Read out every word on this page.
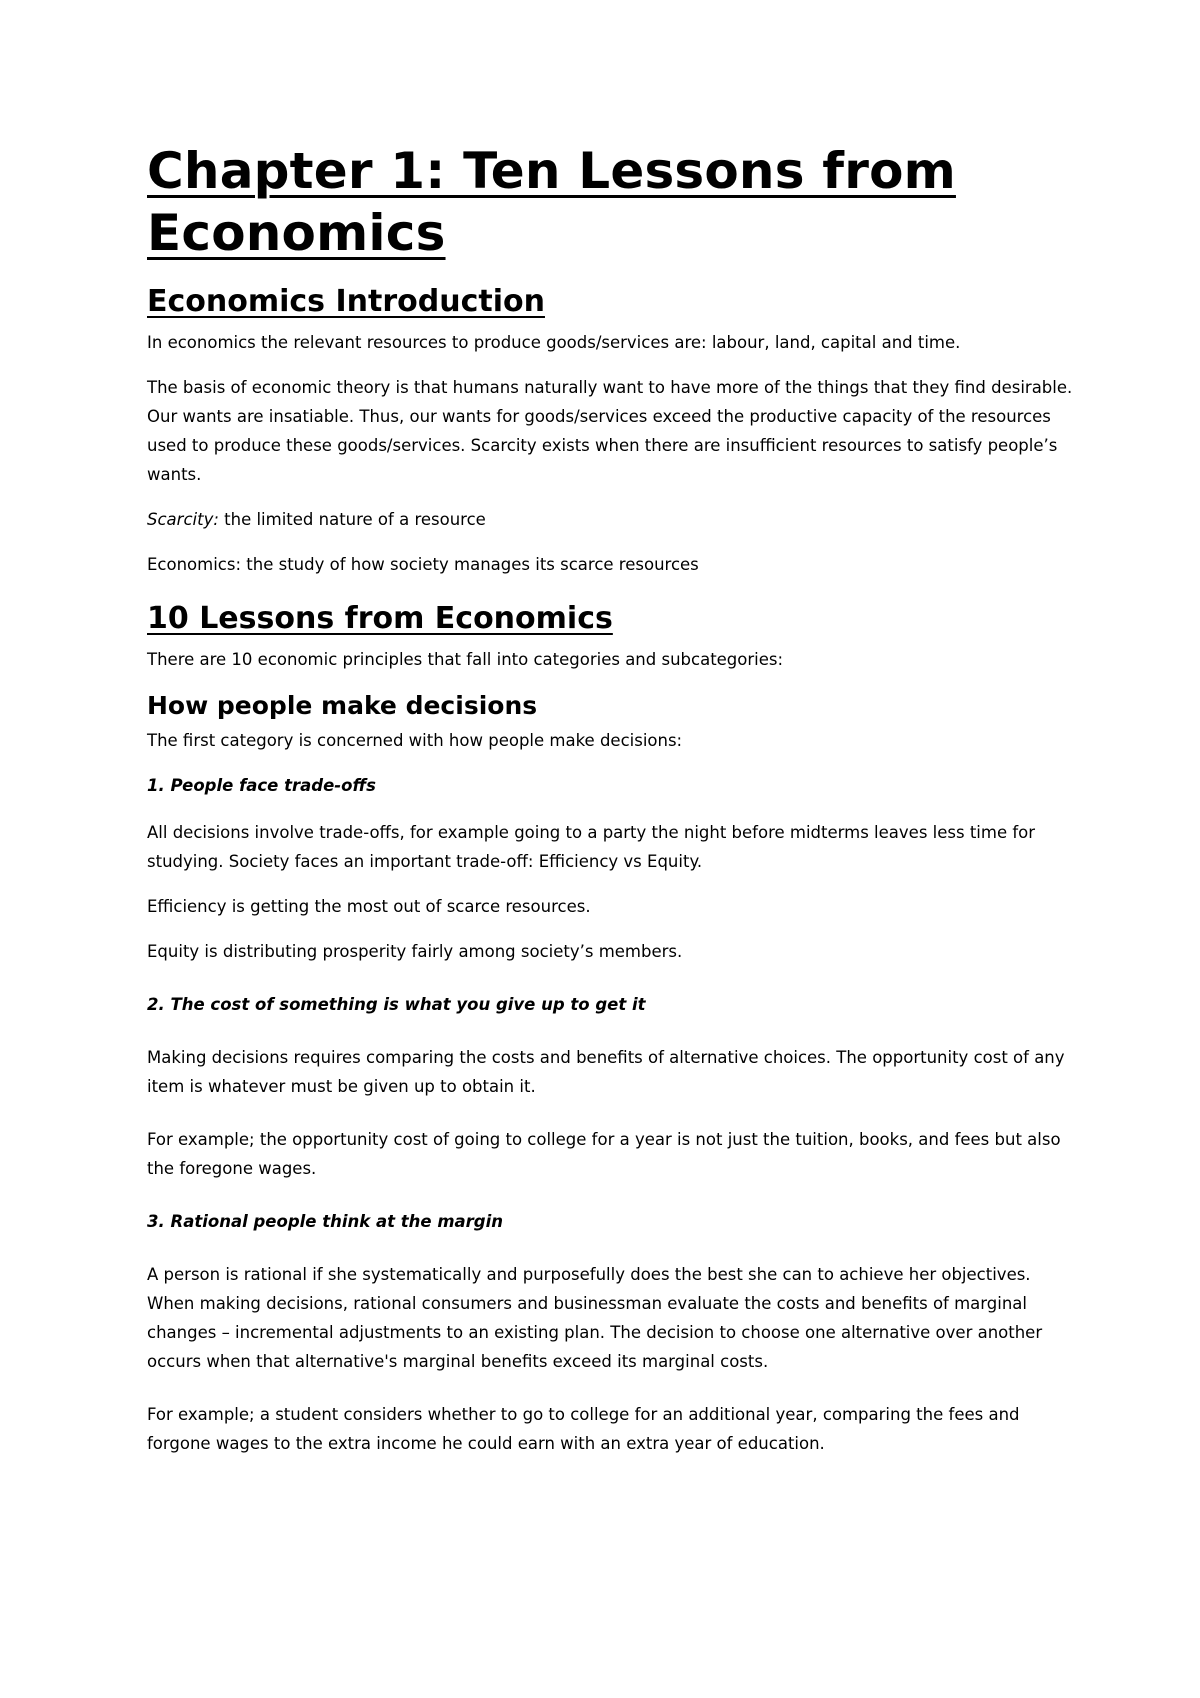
Chapter 1: Ten Lessons from Economics
Economics Introduction

In economics the relevant resources to produce goods/services are: labour, land, capital and time.

The basis of economic theory is that humans naturally want to have more of the things that they find desirable. Our wants are insatiable. Thus, our wants for goods/services exceed the productive capacity of the resources used to produce these goods/services. Scarcity exists when there are insufficient resources to satisfy people’s wants.

Scarcity: the limited nature of a resource

Economics: the study of how society manages its scarce resources

10 Lessons from Economics

There are 10 economic principles that fall into categories and subcategories:

How people make decisions

The first category is concerned with how people make decisions:

1. People face trade-offs

All decisions involve trade-offs, for example going to a party the night before midterms leaves less time for studying. Society faces an important trade-off: Efficiency vs Equity.

Efficiency is getting the most out of scarce resources.

Equity is distributing prosperity fairly among society’s members.

2. The cost of something is what you give up to get it

Making decisions requires comparing the costs and benefits of alternative choices. The opportunity cost of any item is whatever must be given up to obtain it.

For example; the opportunity cost of going to college for a year is not just the tuition, books, and fees but also the foregone wages.

3. Rational people think at the margin

A person is rational if she systematically and purposefully does the best she can to achieve her objectives. When making decisions, rational consumers and businessman evaluate the costs and benefits of marginal changes – incremental adjustments to an existing plan. The decision to choose one alternative over another occurs when that alternative's marginal benefits exceed its marginal costs.

For example; a student considers whether to go to college for an additional year, comparing the fees and forgone wages to the extra income he could earn with an extra year of education.
